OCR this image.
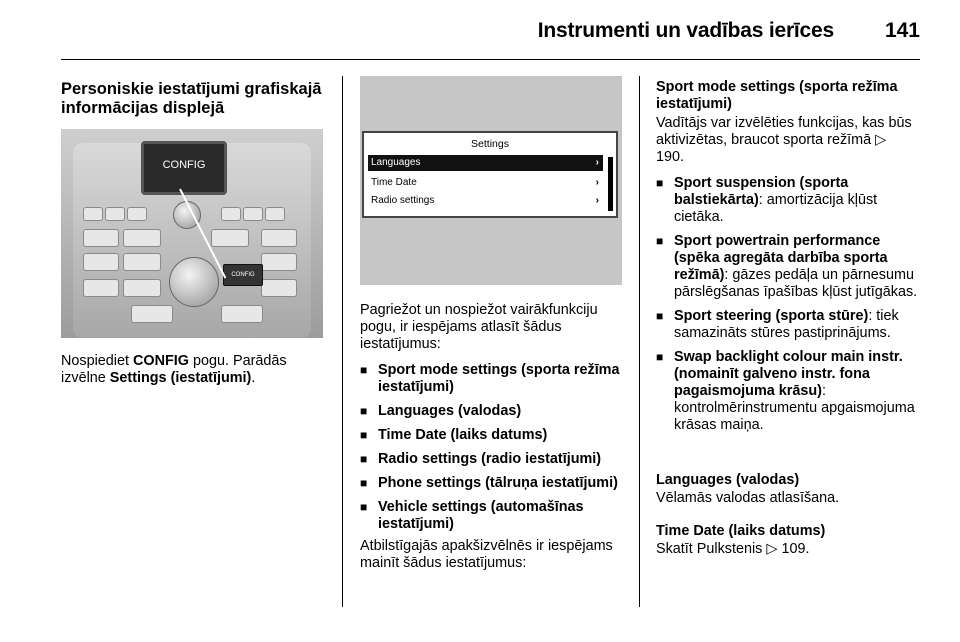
Instrumenti un vadības ierīces 141
Personiskie iestatījumi grafiskajā informācijas displejā
CONFIG
CONFIG
Nospiediet CONFIG pogu. Parādās izvēlne Settings (iestatījumi).
Settings
Languages	›
Time Date	›
Radio settings	›
Pagriežot un nospiežot vairākfunkciju pogu, ir iespējams atlasīt šādus iestatījumus:
■ Sport mode settings (sporta režīma iestatījumi)
■ Languages (valodas)
■ Time Date (laiks datums)
■ Radio settings (radio iestatījumi)
■ Phone settings (tālruņa iestatījumi)
■ Vehicle settings (automašīnas iestatījumi)
Atbilstīgajās apakšizvēlnēs ir iespējams mainīt šādus iestatījumus:
Sport mode settings (sporta režīma iestatījumi)
Vadītājs var izvēlēties funkcijas, kas būs aktivizētas, braucot sporta režīmā ▷ 190.
■ Sport suspension (sporta balstiekārta): amortizācija kļūst cietāka.
■ Sport powertrain performance (spēka agregāta darbība sporta režīmā): gāzes pedāļa un pārnesumu pārslēgšanas īpašības kļūst jutīgākas.
■ Sport steering (sporta stūre): tiek samazināts stūres pastiprinājums.
■ Swap backlight colour main instr. (nomainīt galveno instr. fona pagaismojuma krāsu): kontrolmērinstrumentu apgaismojuma krāsas maiņa.
Languages (valodas)
Vēlamās valodas atlasīšana.
Time Date (laiks datums)
Skatīt Pulkstenis ▷ 109.
